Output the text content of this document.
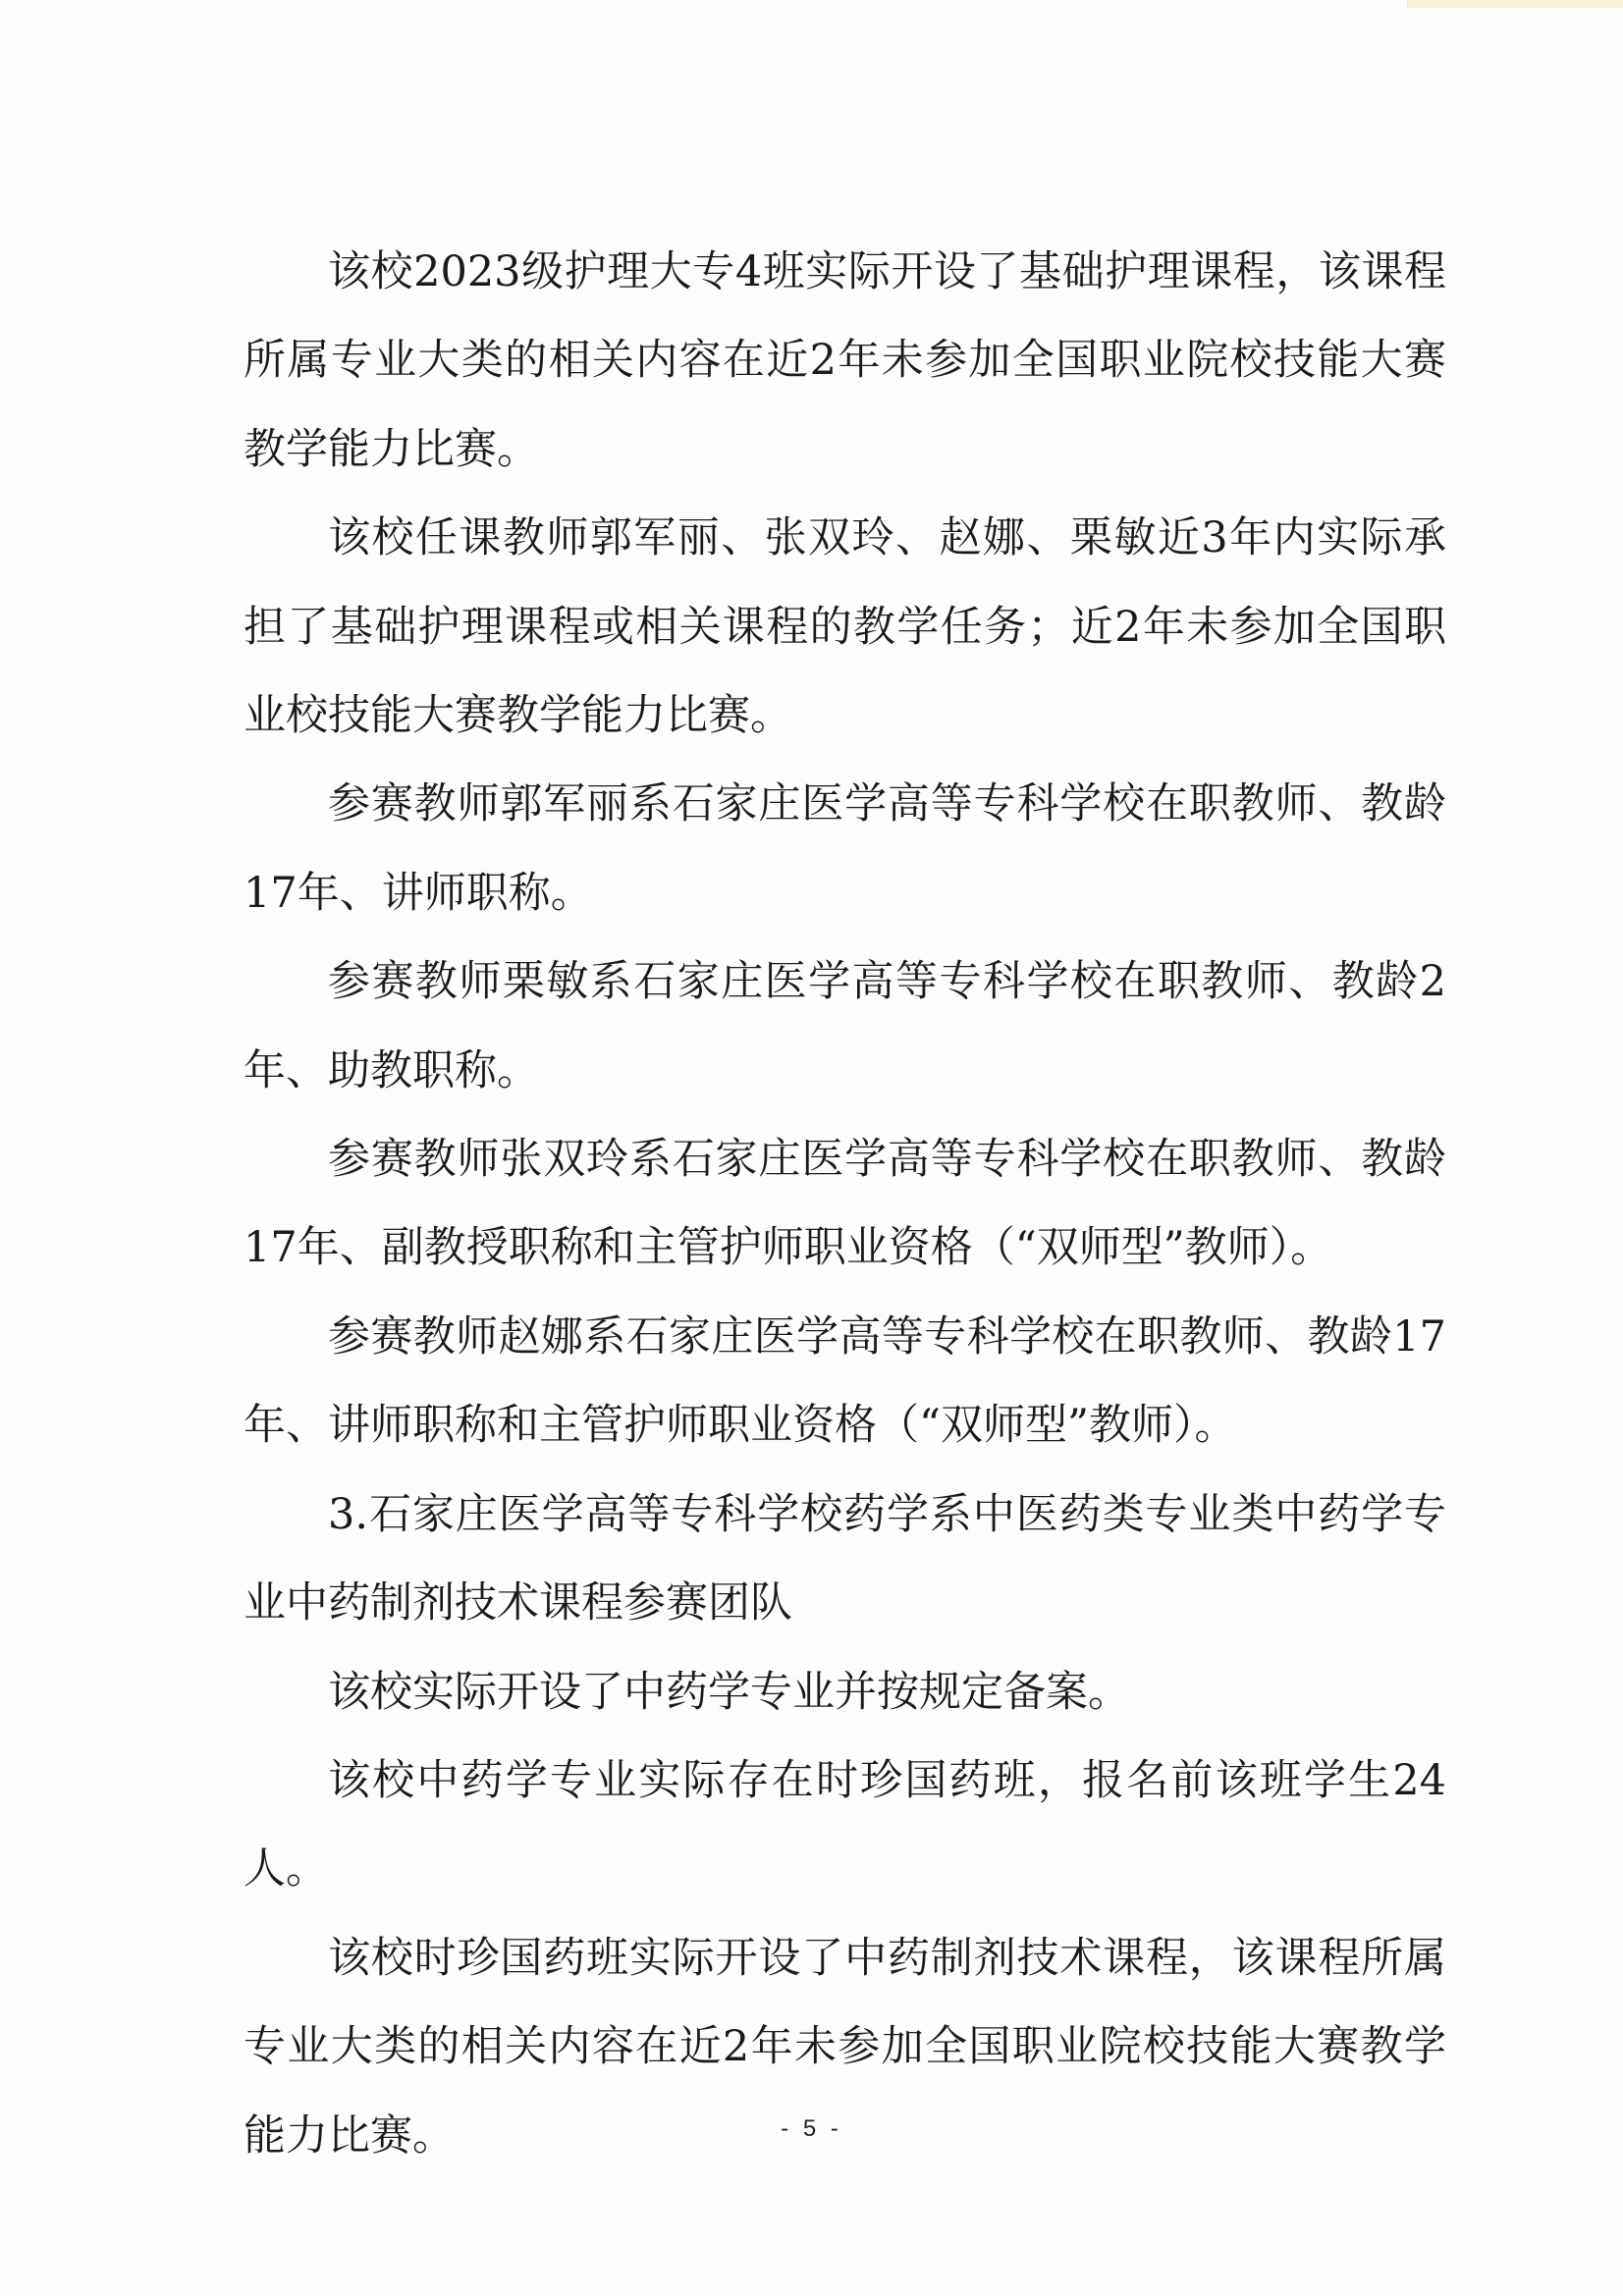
该校2023级护理大专4班实际开设了基础护理课程，该课程所属专业大类的相关内容在近2年未参加全国职业院校技能大赛教学能力比赛。

该校任课教师郭军丽、张双玲、赵娜、栗敏近3年内实际承担了基础护理课程或相关课程的教学任务；近2年未参加全国职业校技能大赛教学能力比赛。

参赛教师郭军丽系石家庄医学高等专科学校在职教师、教龄17年、讲师职称。

参赛教师栗敏系石家庄医学高等专科学校在职教师、教龄2年、助教职称。

参赛教师张双玲系石家庄医学高等专科学校在职教师、教龄17年、副教授职称和主管护师职业资格（“双师型”教师）。

参赛教师赵娜系石家庄医学高等专科学校在职教师、教龄17年、讲师职称和主管护师职业资格（“双师型”教师）。

3.石家庄医学高等专科学校药学系中医药类专业类中药学专业中药制剂技术课程参赛团队

该校实际开设了中药学专业并按规定备案。

该校中药学专业实际存在时珍国药班，报名前该班学生24人。

该校时珍国药班实际开设了中药制剂技术课程，该课程所属专业大类的相关内容在近2年未参加全国职业院校技能大赛教学能力比赛。	- 5 -
